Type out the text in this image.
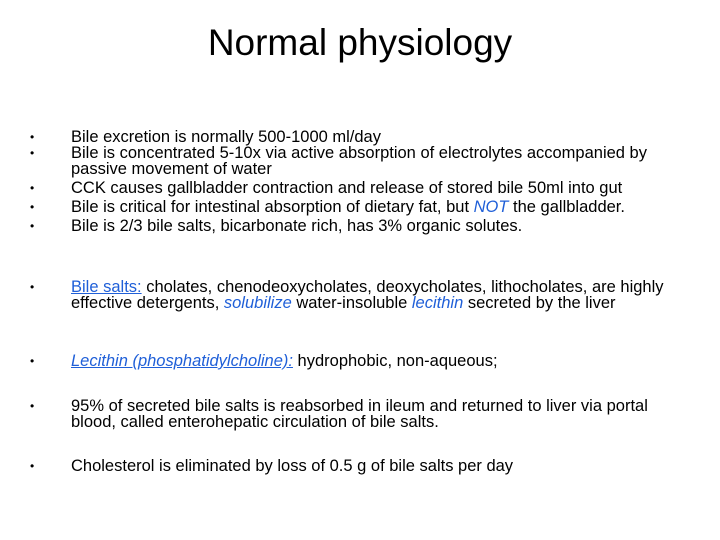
Normal physiology
• Bile excretion is normally 500-1000 ml/day
• Bile is concentrated 5-10x via active absorption of electrolytes accompanied by passive movement of water
• CCK causes gallbladder contraction and release of stored bile 50ml into gut
• Bile is critical for intestinal absorption of dietary fat, but NOT the gallbladder.
• Bile is 2/3 bile salts, bicarbonate rich, has 3% organic solutes.
• Bile salts: cholates, chenodeoxycholates, deoxycholates, lithocholates, are highly effective detergents, solubilize water-insoluble lecithin secreted by the liver
• Lecithin (phosphatidylcholine): hydrophobic, non-aqueous;
• 95% of secreted bile salts is reabsorbed in ileum and returned to liver via portal blood, called enterohepatic circulation of bile salts.
• Cholesterol is eliminated by loss of 0.5 g of bile salts per day
